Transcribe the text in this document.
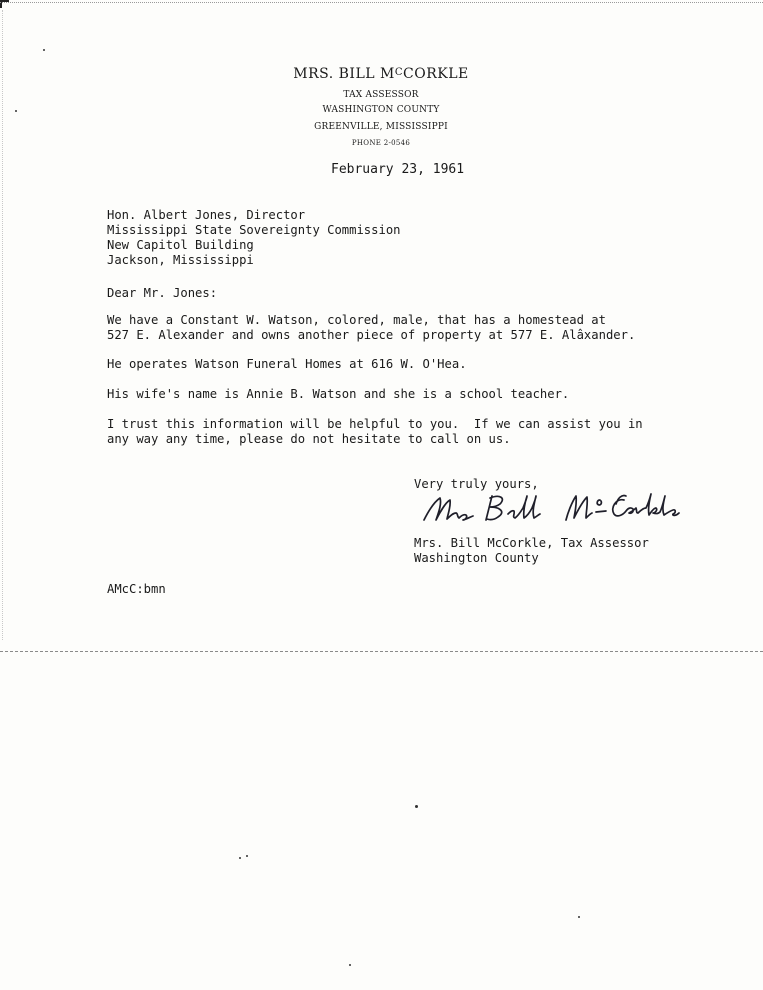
MRS. BILL $M^CCORKLE$
TAX ASSESSOR
WASHINGTON COUNTY
GREENVILLE, MISSISSIPPI
PHONE 2-0546
February 23, 1961
Hon. Albert Jones, Director
Mississippi State Sovereignty Commission
New Capitol Building
Jackson, Mississippi
Dear Mr. Jones:
We have a Constant W. Watson, colored, male, that has a homestead at
527 E. Alexander and owns another piece of property at 577 E. Alâxander.
He operates Watson Funeral Homes at 616 W. O'Hea.
His wife's name is Annie B. Watson and she is a school teacher.
I trust this information will be helpful to you.  If we can assist you in
any way any time, please do not hesitate to call on us.
Very truly yours,
Mrs. Bill McCorkle, Tax Assessor
Washington County
AMcC:bmn
